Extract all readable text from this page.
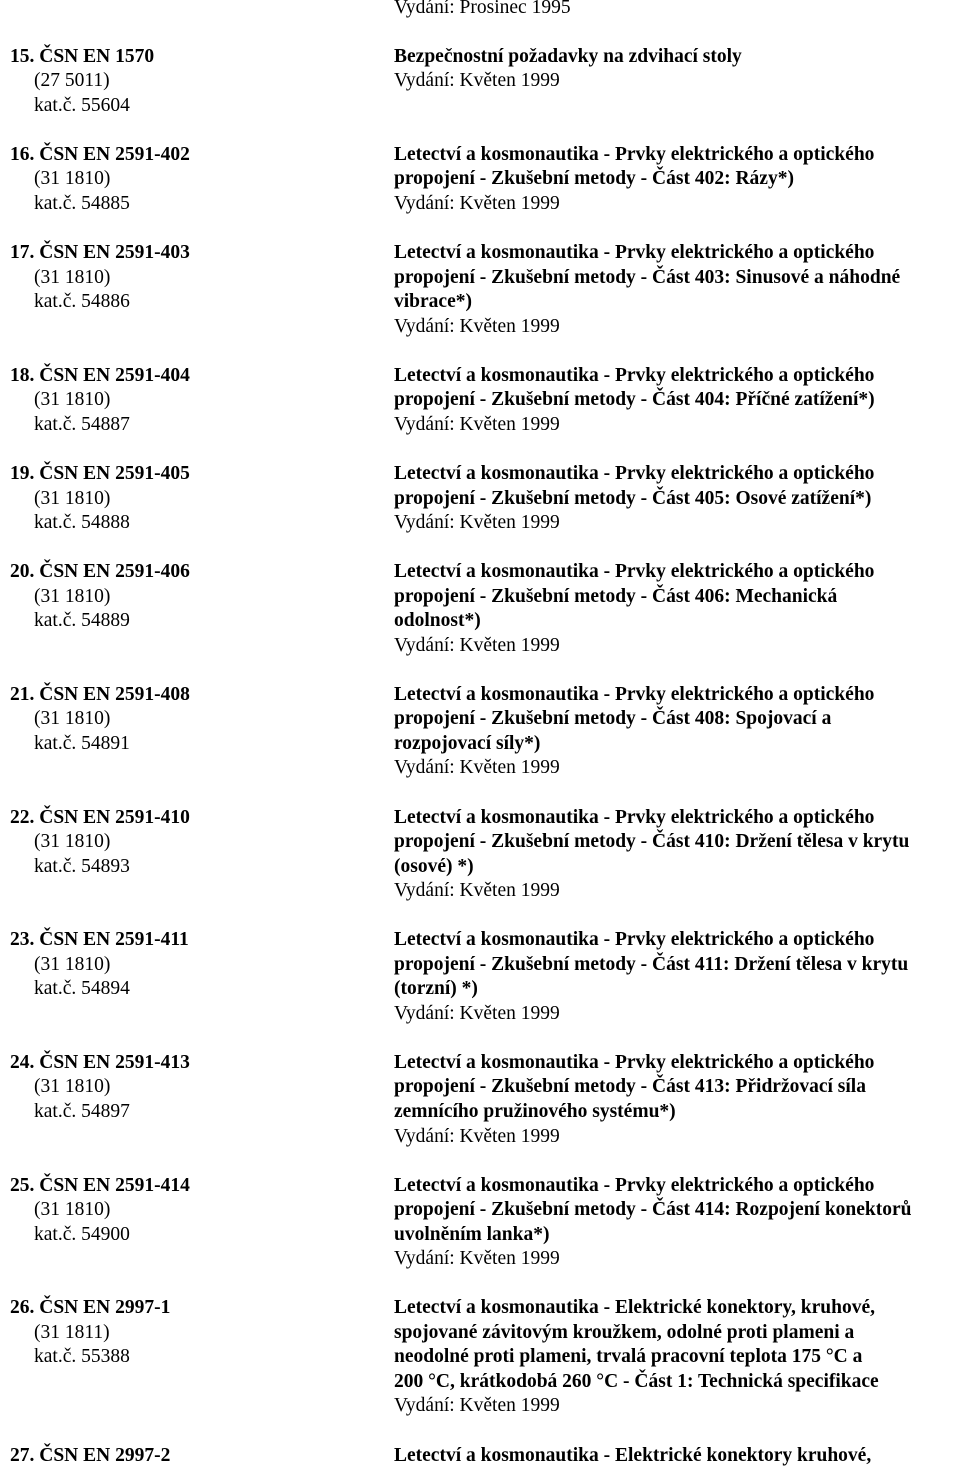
Vydání: Prosinec 1995
15. ČSN EN 1570
(27 5011)
kat.č. 55604
Bezpečnostní požadavky na zdvihací stoly
Vydání: Květen 1999
16. ČSN EN 2591-402
(31 1810)
kat.č. 54885
Letectví a kosmonautika - Prvky elektrického a optického
propojení - Zkušební metody - Část 402: Rázy*)
Vydání: Květen 1999
17. ČSN EN 2591-403
(31 1810)
kat.č. 54886
Letectví a kosmonautika - Prvky elektrického a optického
propojení - Zkušební metody - Část 403: Sinusové a náhodné
vibrace*)
Vydání: Květen 1999
18. ČSN EN 2591-404
(31 1810)
kat.č. 54887
Letectví a kosmonautika - Prvky elektrického a optického
propojení - Zkušební metody - Část 404: Příčné zatížení*)
Vydání: Květen 1999
19. ČSN EN 2591-405
(31 1810)
kat.č. 54888
Letectví a kosmonautika - Prvky elektrického a optického
propojení - Zkušební metody - Část 405: Osové zatížení*)
Vydání: Květen 1999
20. ČSN EN 2591-406
(31 1810)
kat.č. 54889
Letectví a kosmonautika - Prvky elektrického a optického
propojení - Zkušební metody - Část 406: Mechanická
odolnost*)
Vydání: Květen 1999
21. ČSN EN 2591-408
(31 1810)
kat.č. 54891
Letectví a kosmonautika - Prvky elektrického a optického
propojení - Zkušební metody - Část 408: Spojovací a
rozpojovací síly*)
Vydání: Květen 1999
22. ČSN EN 2591-410
(31 1810)
kat.č. 54893
Letectví a kosmonautika - Prvky elektrického a optického
propojení - Zkušební metody - Část 410: Držení tělesa v krytu
(osové) *)
Vydání: Květen 1999
23. ČSN EN 2591-411
(31 1810)
kat.č. 54894
Letectví a kosmonautika - Prvky elektrického a optického
propojení - Zkušební metody - Část 411: Držení tělesa v krytu
(torzní) *)
Vydání: Květen 1999
24. ČSN EN 2591-413
(31 1810)
kat.č. 54897
Letectví a kosmonautika - Prvky elektrického a optického
propojení - Zkušební metody - Část 413: Přidržovací síla
zemnícího pružinového systému*)
Vydání: Květen 1999
25. ČSN EN 2591-414
(31 1810)
kat.č. 54900
Letectví a kosmonautika - Prvky elektrického a optického
propojení - Zkušební metody - Část 414: Rozpojení konektorů
uvolněním lanka*)
Vydání: Květen 1999
26. ČSN EN 2997-1
(31 1811)
kat.č. 55388
Letectví a kosmonautika - Elektrické konektory, kruhové,
spojované závitovým kroužkem, odolné proti plameni a
neodolné proti plameni, trvalá pracovní teplota 175 °C a
200 °C, krátkodobá 260 °C - Část 1: Technická specifikace
Vydání: Květen 1999
27. ČSN EN 2997-2	Letectví a kosmonautika - Elektrické konektory kruhové,
